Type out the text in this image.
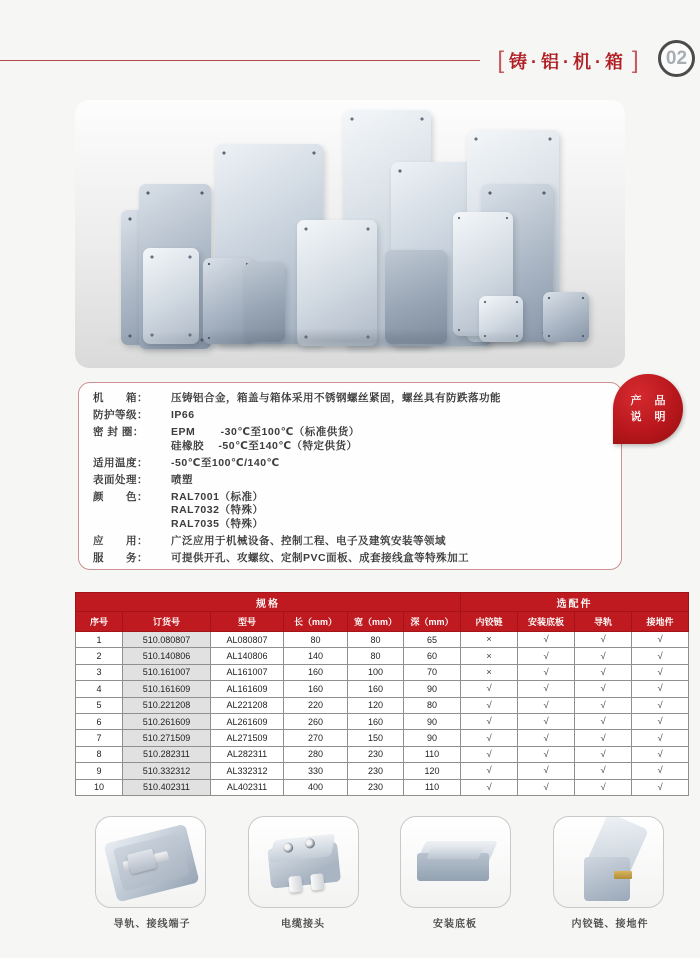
[ 铸·铝·机·箱 ]	02
机　　箱：	压铸铝合金，箱盖与箱体采用不锈钢螺丝紧固，螺丝具有防跌落功能
防护等级：	IP66
密 封 圈：	EPM　　 -30℃至100℃（标准供货）
硅橡胶　 -50℃至140℃（特定供货）
适用温度：	-50℃至100℃/140℃
表面处理：	喷塑
颜　　色：	RAL7001（标准）
RAL7032（特殊）
RAL7035（特殊）
应　　用：	广泛应用于机械设备、控制工程、电子及建筑安装等领域
服　　务：	可提供开孔、攻螺纹、定制PVC面板、成套接线盒等特殊加工
产 品
说 明
规格						选配件			
序号	订货号	型号	长（mm）	宽（mm）	深（mm）	内铰链	安装底板	导轨	接地件
1	510.080807	AL080807	80	80	65	×	√	√	√
2	510.140806	AL140806	140	80	60	×	√	√	√
3	510.161007	AL161007	160	100	70	×	√	√	√
4	510.161609	AL161609	160	160	90	√	√	√	√
5	510.221208	AL221208	220	120	80	√	√	√	√
6	510.261609	AL261609	260	160	90	√	√	√	√
7	510.271509	AL271509	270	150	90	√	√	√	√
8	510.282311	AL282311	280	230	110	√	√	√	√
9	510.332312	AL332312	330	230	120	√	√	√	√
10	510.402311	AL402311	400	230	110	√	√	√	√
导轨、接线端子	电缆接头	安装底板	内铰链、接地件
